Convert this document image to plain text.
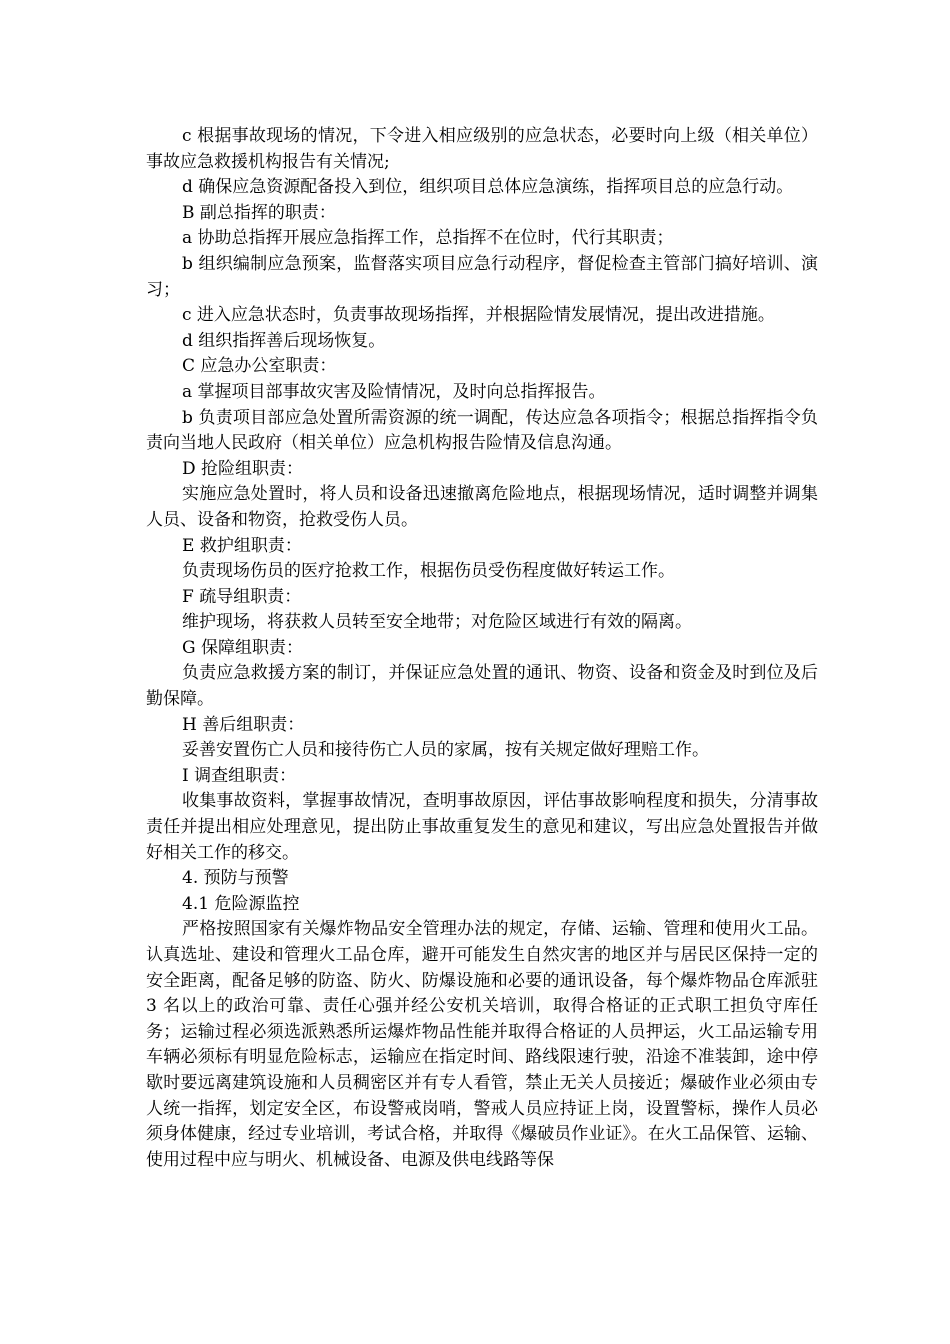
c 根据事故现场的情况，下令进入相应级别的应急状态，必要时向上级（相关单位）事故应急救援机构报告有关情况;

d 确保应急资源配备投入到位，组织项目总体应急演练，指挥项目总的应急行动。

B 副总指挥的职责：

a 协助总指挥开展应急指挥工作，总指挥不在位时，代行其职责；

b 组织编制应急预案，监督落实项目应急行动程序，督促检查主管部门搞好培训、演习；

c 进入应急状态时，负责事故现场指挥，并根据险情发展情况，提出改进措施。

d 组织指挥善后现场恢复。

C 应急办公室职责：

a 掌握项目部事故灾害及险情情况，及时向总指挥报告。

b 负责项目部应急处置所需资源的统一调配，传达应急各项指令；根据总指挥指令负责向当地人民政府（相关单位）应急机构报告险情及信息沟通。

D 抢险组职责：

实施应急处置时，将人员和设备迅速撤离危险地点，根据现场情况，适时调整并调集人员、设备和物资，抢救受伤人员。

E 救护组职责：

负责现场伤员的医疗抢救工作，根据伤员受伤程度做好转运工作。

F 疏导组职责：

维护现场，将获救人员转至安全地带；对危险区域进行有效的隔离。

G 保障组职责：

负责应急救援方案的制订，并保证应急处置的通讯、物资、设备和资金及时到位及后勤保障。

H 善后组职责：

妥善安置伤亡人员和接待伤亡人员的家属，按有关规定做好理赔工作。

I 调查组职责：

收集事故资料，掌握事故情况，查明事故原因，评估事故影响程度和损失，分清事故责任并提出相应处理意见，提出防止事故重复发生的意见和建议，写出应急处置报告并做好相关工作的移交。

4. 预防与预警

4.1 危险源监控

严格按照国家有关爆炸物品安全管理办法的规定，存储、运输、管理和使用火工品。认真选址、建设和管理火工品仓库，避开可能发生自然灾害的地区并与居民区保持一定的安全距离，配备足够的防盗、防火、防爆设施和必要的通讯设备，每个爆炸物品仓库派驻 3 名以上的政治可靠、责任心强并经公安机关培训，取得合格证的正式职工担负守库任务；运输过程必须选派熟悉所运爆炸物品性能并取得合格证的人员押运，火工品运输专用车辆必须标有明显危险标志，运输应在指定时间、路线限速行驶，沿途不准装卸，途中停歇时要远离建筑设施和人员稠密区并有专人看管，禁止无关人员接近；爆破作业必须由专人统一指挥，划定安全区，布设警戒岗哨，警戒人员应持证上岗，设置警标，操作人员必须身体健康，经过专业培训，考试合格，并取得《爆破员作业证》。在火工品保管、运输、使用过程中应与明火、机械设备、电源及供电线路等保
